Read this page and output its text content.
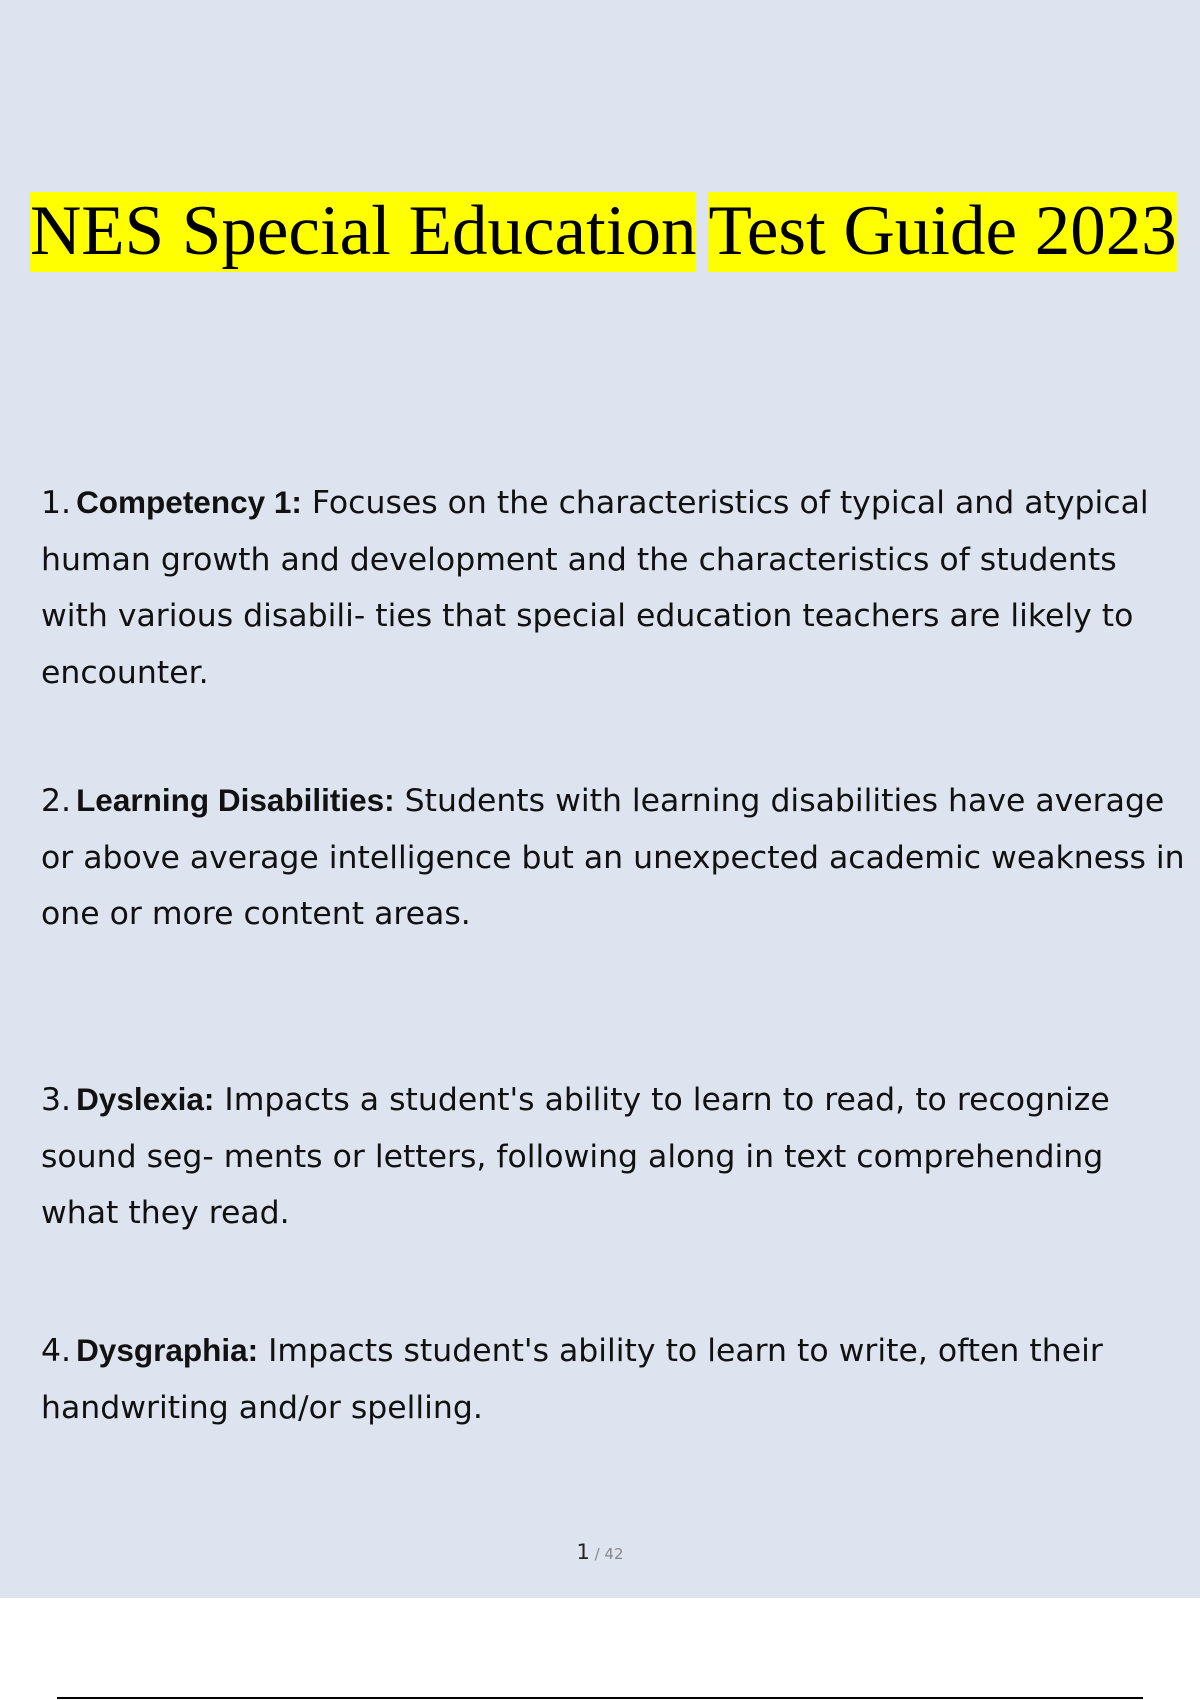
NES Special Education Test Guide 2023

1. Competency 1: Focuses on the characteristics of typical and atypical human growth and development and the characteristics of students with various disabili- ties that special education teachers are likely to encounter.

2. Learning Disabilities: Students with learning disabilities have average or above average intelligence but an unexpected academic weakness in one or more content areas.

3. Dyslexia: Impacts a student's ability to learn to read, to recognize sound seg- ments or letters, following along in text comprehending what they read.

4. Dysgraphia: Impacts student's ability to learn to write, often their handwriting and/or spelling.

1 / 42
